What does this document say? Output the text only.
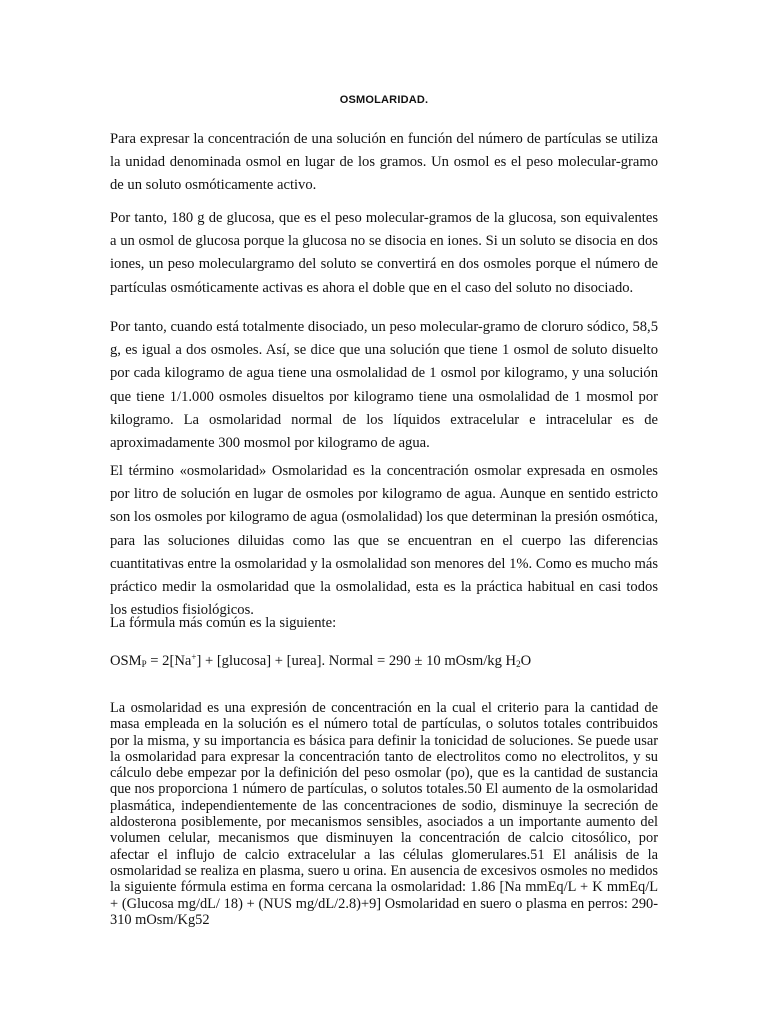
OSMOLARIDAD.

Para expresar la concentración de una solución en función del número de partículas se utiliza la unidad denominada osmol en lugar de los gramos. Un osmol es el peso molecular-gramo de un soluto osmóticamente activo.

Por tanto, 180 g de glucosa, que es el peso molecular-gramos de la glucosa, son equivalentes a un osmol de glucosa porque la glucosa no se disocia en iones. Si un soluto se disocia en dos iones, un peso moleculargramo del soluto se convertirá en dos osmoles porque el número de partículas osmóticamente activas es ahora el doble que en el caso del soluto no disociado.

Por tanto, cuando está totalmente disociado, un peso molecular-gramo de cloruro sódico, 58,5 g, es igual a dos osmoles. Así, se dice que una solución que tiene 1 osmol de soluto disuelto por cada kilogramo de agua tiene una osmolalidad de 1 osmol por kilogramo, y una solución que tiene 1/1.000 osmoles disueltos por kilogramo tiene una osmolalidad de 1 mosmol por kilogramo. La osmolaridad normal de los líquidos extracelular e intracelular es de aproximadamente 300 mosmol por kilogramo de agua.

El término «osmolaridad» Osmolaridad es la concentración osmolar expresada en osmoles por litro de solución en lugar de osmoles por kilogramo de agua. Aunque en sentido estricto son los osmoles por kilogramo de agua (osmolalidad) los que determinan la presión osmótica, para las soluciones diluidas como las que se encuentran en el cuerpo las diferencias cuantitativas entre la osmolaridad y la osmolalidad son menores del 1%. Como es mucho más práctico medir la osmolaridad que la osmolalidad, esta es la práctica habitual en casi todos los estudios fisiológicos.

La fórmula más común es la siguiente:

$OSM_P = 2[Na^+] + [glucosa]$ + [urea]. Normal = 290 ± 10 mOsm/kg $H_2O$

La osmolaridad es una expresión de concentración en la cual el criterio para la cantidad de masa empleada en la solución es el número total de partículas, o solutos totales contribuidos por la misma, y su importancia es básica para definir la tonicidad de soluciones. Se puede usar la osmolaridad para expresar la concentración tanto de electrolitos como no electrolitos, y su cálculo debe empezar por la definición del peso osmolar (po), que es la cantidad de sustancia que nos proporciona 1 número de partículas, o solutos totales.50 El aumento de la osmolaridad plasmática, independientemente de las concentraciones de sodio, disminuye la secreción de aldosterona posiblemente, por mecanismos sensibles, asociados a un importante aumento del volumen celular, mecanismos que disminuyen la concentración de calcio citosólico, por afectar el influjo de calcio extracelular a las células glomerulares.51 El análisis de la osmolaridad se realiza en plasma, suero u orina. En ausencia de excesivos osmoles no medidos la siguiente fórmula estima en forma cercana la osmolaridad: 1.86 [Na mmEq/L + K mmEq/L + (Glucosa mg/dL/ 18) + (NUS mg/dL/2.8)+9] Osmolaridad en suero o plasma en perros: 290-310 mOsm/Kg52
